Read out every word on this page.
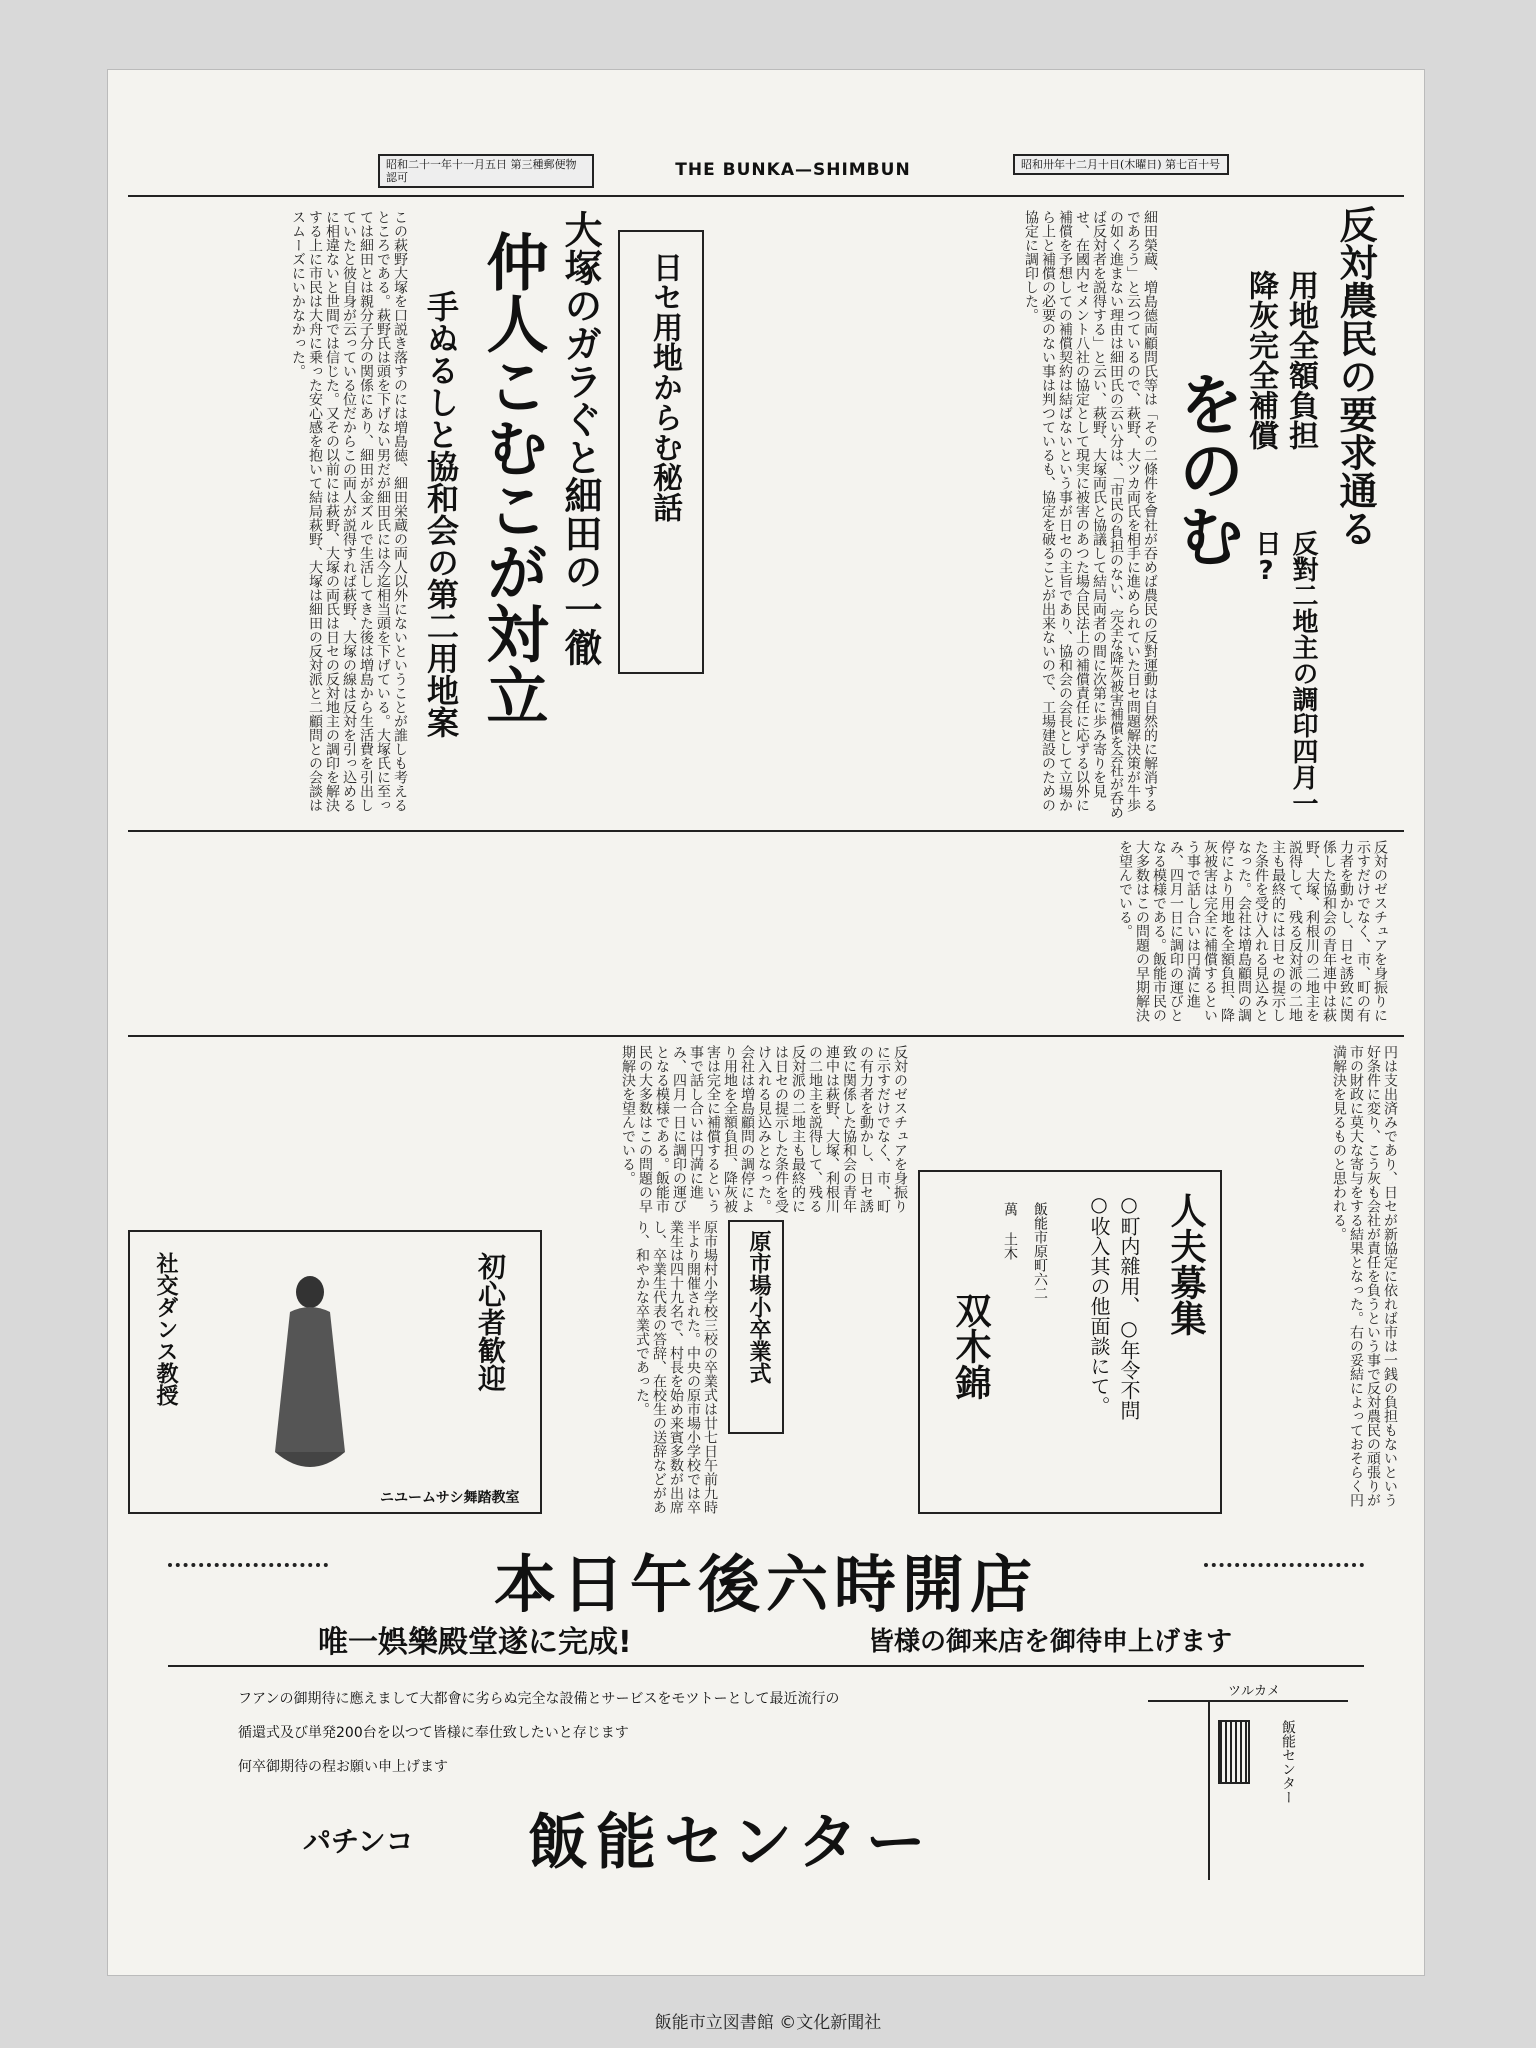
昭和二十一年十一月五日 第三種郵便物認可	THE BUNKA—SHIMBUN	昭和卅年十二月十日(木曜日) 第七百十号
反対農民の要求通る
用地全額負担
降灰完全補償
をのむ
反對二地主の調印四月一日?
細田榮蔵、増島德両顧問氏等は「その二條件を會社が吞めば農民の反對運動は自然的に解消するであろう」と云つているので、萩野、大ツカ両氏を相手に進められていた日セ問題解決策が牛歩の如く進まない理由は細田氏の云い分は、「市民の負担のない、完全な降灰被害補償を会社が呑めば反対者を説得する」と云い、萩野、大塚両氏と協議して結局両者の間に次第に歩み寄りを見せ、在國内セメント八社の協定として現実に被害のあつた場合民法上の補償責任に応ずる以外に補償を予想しての補償契約は結ばないという事が日セの主旨であり、協和会の会長として立場から上と補償の必要のない事は判つているも、協定を破ることが出来ないので、工場建設のための協定に調印した。
日セ用地からむ秘話
大塚のガラぐと細田の一徹
仲人こむこが対立
手ぬるしと協和会の第二用地案
この萩野大塚を口説き落すのには増島徳、細田栄蔵の両人以外にないということが誰しも考えるところである。萩野氏は頭を下げない男だが細田氏には今迄相当頭を下げている。大塚氏に至っては細田とは親分子分の関係にあり、細田が金ズルで生活してきた後は増島から生活費を引出していたと彼自身が云っている位だからこの両人が説得すれば萩野、大塚の線は反対を引っ込めるに相違ないと世間では信じた。又その以前には萩野、大塚の両氏は日セの反対地主の調印を解決する上に市民は大舟に乗った安心感を抱いて結局萩野、大塚は細田の反対派と二顧問との会談はスムーズにいかなかった。
反対のゼスチュアを身振りに示すだけでなく、市、町の有力者を動かし、日セ誘致に関係した協和会の青年連中は萩野、大塚、利根川の二地主を説得して、残る反対派の二地主も最終的には日セの提示した条件を受け入れる見込みとなった。会社は増島顧問の調停により用地を全額負担、降灰被害は完全に補償するという事で話し合いは円満に進み、四月一日に調印の運びとなる模様である。飯能市民の大多数はこの問題の早期解決を望んでいる。
反対のゼスチュアを身振りに示すだけでなく、市、町の有力者を動かし、日セ誘致に関係した協和会の青年連中は萩野、大塚、利根川の二地主を説得して、残る反対派の二地主も最終的には日セの提示した条件を受け入れる見込みとなった。会社は増島顧問の調停により用地を全額負担、降灰被害は完全に補償するという事で話し合いは円満に進み、四月一日に調印の運びとなる模様である。飯能市民の大多数はこの問題の早期解決を望んでいる。	円は支出済みであり、日セが新協定に依れば市は一銭の負担もないという好条件に変り、こう灰も会社が責任を負うという事で反対農民の頑張りが市の財政に莫大な寄与をする結果となった。右の妥結によっておそらく円満解決を見るものと思われる。
人夫募集
○町内雜用、○年令不問
○收入其の他面談にて。
飯能市原町六二
萬 土木
双木錦
原市場小卒業式
原市場村小学校三校の卒業式は廿七日午前九時半より開催された。中央の原市場小学校では卒業生は四十九名で、村長を始め来賓多数が出席し、卒業生代表の答辞、在校生の送辞などがあり、和やかな卒業式であった。
初心者歓迎
社交ダンス教授
ニユームサシ舞踏教室
本日午後六時開店
唯一娯樂殿堂遂に完成!	皆様の御来店を御待申上げます
フアンの御期待に應えまして大都會に劣らぬ完全な設備とサービスをモツトーとして最近流行の
循還式及び単発200台を以つて皆様に奉仕致したいと存じます
何卒御期待の程お願い申上げます
パチンコ 飯能センター
ツルカメ
飯能センター
飯能市立図書館 ©文化新聞社
